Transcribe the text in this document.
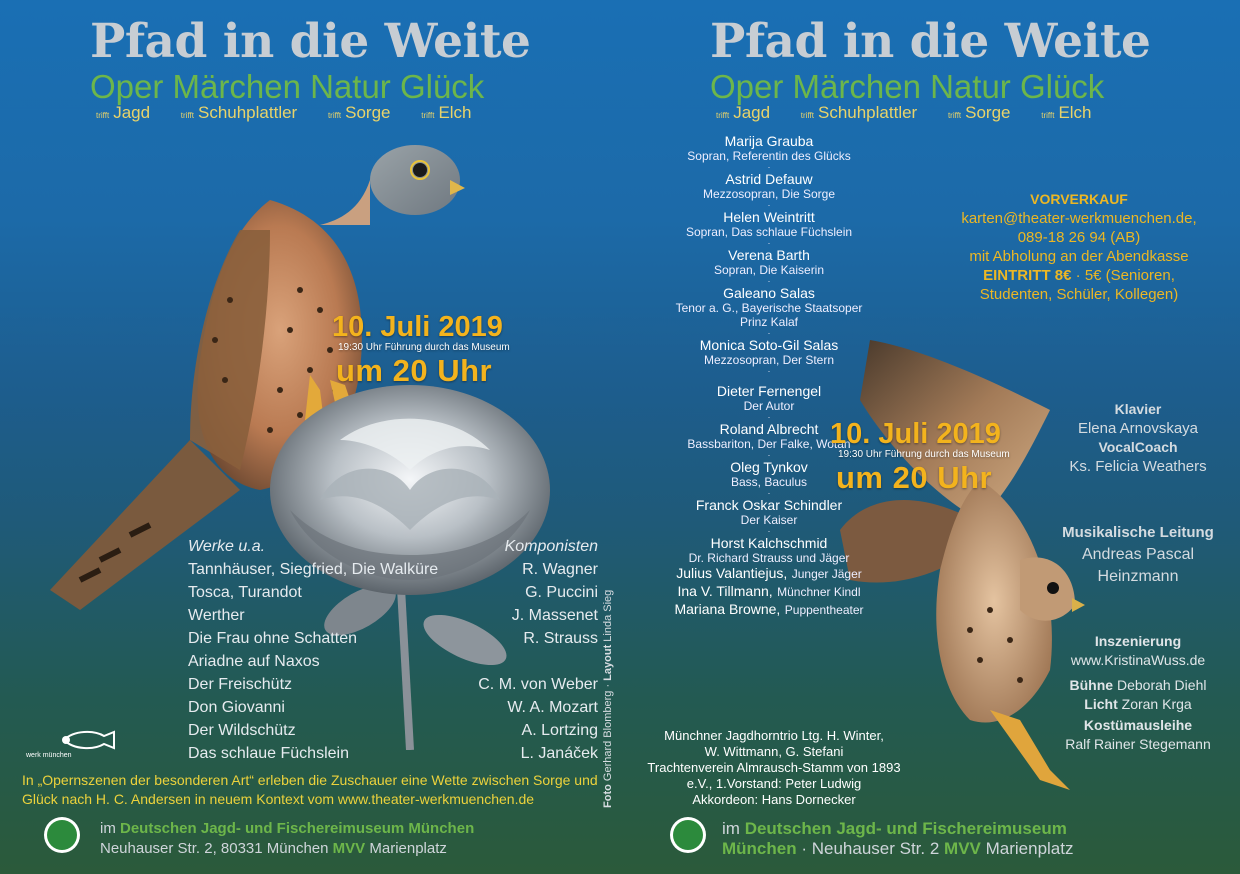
Pfad in die Weite
Oper Märchen Natur Glück
trifft Jagd	trifft Schuhplattler	trifft Sorge	trifft Elch
10. Juli 2019
19:30 Uhr Führung durch das Museum
um 20 Uhr
Werke u.a.	Komponisten
Tannhäuser, Siegfried, Die Walküre	R. Wagner
Tosca, Turandot	G. Puccini
Werther	J. Massenet
Die Frau ohne Schatten	R. Strauss
Ariadne auf Naxos
Der Freischütz	C. M. von Weber
Don Giovanni	W. A. Mozart
Der Wildschütz	A. Lortzing
Das schlaue Füchslein	L. Janáček
Foto Gerhard Blomberg · Layout Linda Sieg
werk münchen
In „Opernszenen der besonderen Art“ erleben die Zuschauer eine Wette zwischen Sorge und Glück nach H. C. Andersen in neuem Kontext vom www.theater-werkmuenchen.de
im Deutschen Jagd- und Fischereimuseum München
Neuhauser Str. 2, 80331 München MVV Marienplatz
Pfad in die Weite
Oper Märchen Natur Glück
trifft Jagd	trifft Schuhplattler	trifft Sorge	trifft Elch
Marija Grauba
Sopran, Referentin des Glücks
·
Astrid Defauw
Mezzosopran, Die Sorge
·
Helen Weintritt
Sopran, Das schlaue Füchslein
·
Verena Barth
Sopran, Die Kaiserin
·
Galeano Salas
Tenor a. G., Bayerische Staatsoper
Prinz Kalaf
·
Monica Soto-Gil Salas
Mezzosopran, Der Stern
·
Dieter Fernengel
Der Autor
·
Roland Albrecht
Bassbariton, Der Falke, Wotan
·
Oleg Tynkov
Bass, Baculus
·
Franck Oskar Schindler
Der Kaiser
·
Horst Kalchschmid
Dr. Richard Strauss und Jäger
Julius Valantiejus, Junger Jäger
Ina V. Tillmann, Münchner Kindl
Mariana Browne, Puppentheater
Münchner Jagdhorntrio Ltg. H. Winter,
W. Wittmann, G. Stefani
Trachtenverein Almrausch-Stamm von 1893
e.V., 1.Vorstand: Peter Ludwig
Akkordeon: Hans Dornecker
VORVERKAUF
karten@theater-werkmuenchen.de,
089-18 26 94 (AB)
mit Abholung an der Abendkasse
EINTRITT 8€ · 5€ (Senioren,
Studenten, Schüler, Kollegen)
10. Juli 2019
19:30 Uhr Führung durch das Museum
um 20 Uhr
Klavier
Elena Arnovskaya
VocalCoach
Ks. Felicia Weathers
Musikalische Leitung
Andreas Pascal
Heinzmann
Inszenierung
www.KristinaWuss.de
Bühne Deborah Diehl
Licht Zoran Krga
Kostümausleihe
Ralf Rainer Stegemann
im Deutschen Jagd- und Fischereimuseum
München · Neuhauser Str. 2 MVV Marienplatz
